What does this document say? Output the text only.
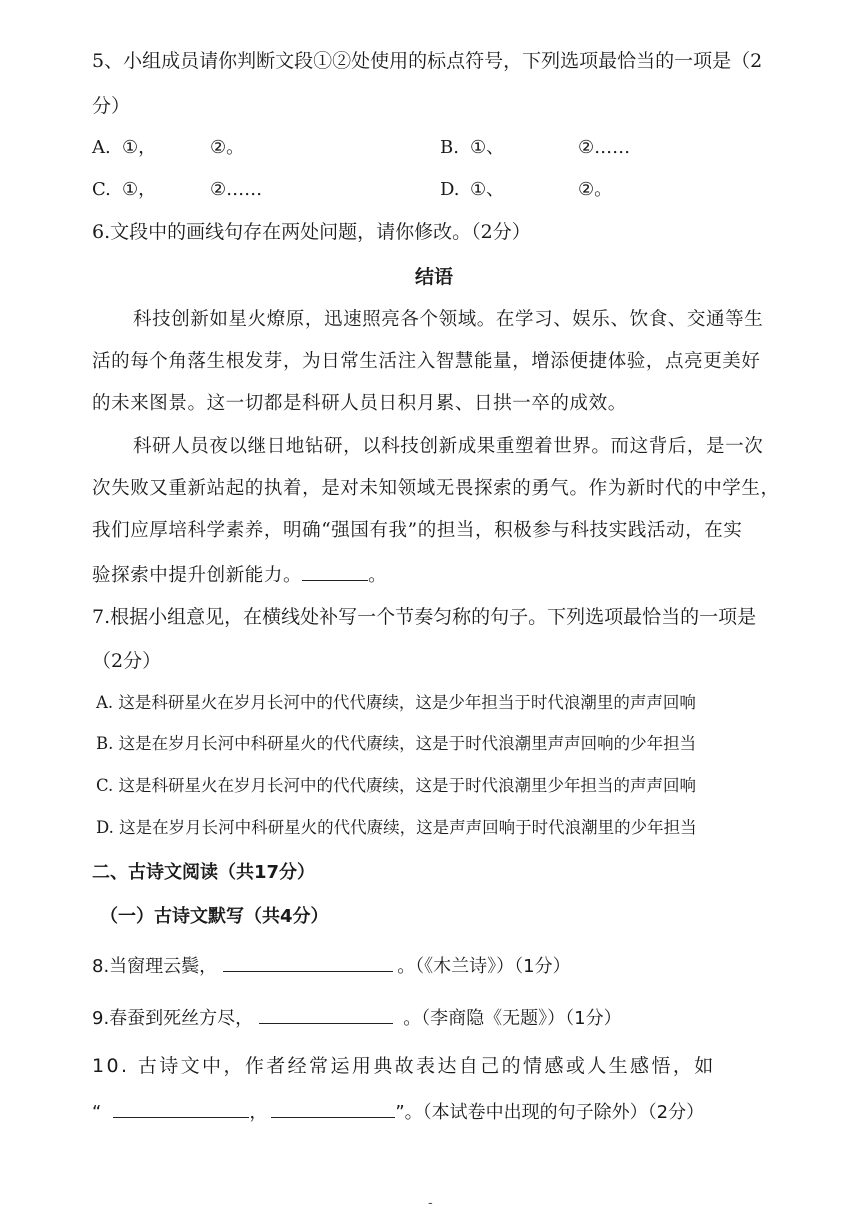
5、小组成员请你判断文段①②处使用的标点符号，下列选项最恰当的一项是（2
分）
A. ①，	②。	B. ①、	②……
C. ①，	②……	D. ①、	②。
6.文段中的画线句存在两处问题，请你修改。（2分）
结语
科技创新如星火燎原，迅速照亮各个领域。在学习、娱乐、饮食、交通等生
活的每个角落生根发芽，为日常生活注入智慧能量，增添便捷体验，点亮更美好
的未来图景。这一切都是科研人员日积月累、日拱一卒的成效。
科研人员夜以继日地钻研，以科技创新成果重塑着世界。而这背后，是一次
次失败又重新站起的执着，是对未知领域无畏探索的勇气。作为新时代的中学生，
我们应厚培科学素养，明确“强国有我”的担当，积极参与科技实践活动，在实
验探索中提升创新能力。	。
7.根据小组意见，在横线处补写一个节奏匀称的句子。下列选项最恰当的一项是
（2分）
A. 这是科研星火在岁月长河中的代代赓续，这是少年担当于时代浪潮里的声声回响
B. 这是在岁月长河中科研星火的代代赓续，这是于时代浪潮里声声回响的少年担当
C. 这是科研星火在岁月长河中的代代赓续，这是于时代浪潮里少年担当的声声回响
D. 这是在岁月长河中科研星火的代代赓续，这是声声回响于时代浪潮里的少年担当
二、古诗文阅读（共17分）
（一）古诗文默写（共4分）
8.当窗理云鬓，	。（《木兰诗》）（1分）
9.春蚕到死丝方尽，	。（李商隐《无题》）（1分）
10. 古诗文中，作者经常运用典故表达自己的情感或人生感悟，如
“	，	”。（本试卷中出现的句子除外）（2分）
-
